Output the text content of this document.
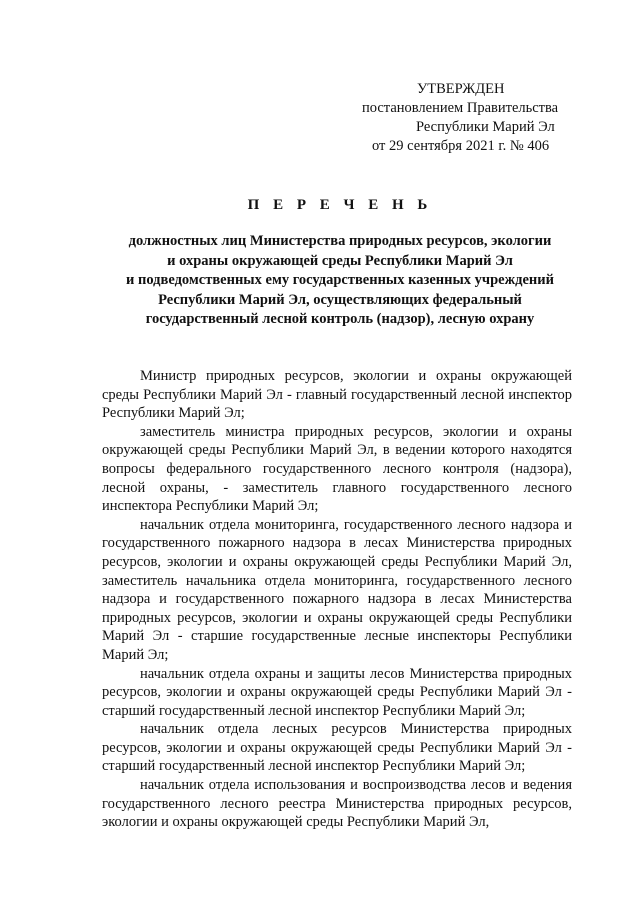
УТВЕРЖДЕН
постановлением Правительства
Республики Марий Эл
от 29 сентября 2021 г. № 406
П Е Р Е Ч Е Н Ь
должностных лиц Министерства природных ресурсов, экологии
и охраны окружающей среды Республики Марий Эл
и подведомственных ему государственных казенных учреждений
Республики Марий Эл, осуществляющих федеральный
государственный лесной контроль (надзор), лесную охрану

Министр природных ресурсов, экологии и охраны окружающей среды Республики Марий Эл - главный государственный лесной инспектор Республики Марий Эл;

заместитель министра природных ресурсов, экологии и охраны окружающей среды Республики Марий Эл, в ведении которого находятся вопросы федерального государственного лесного контроля (надзора), лесной охраны, - заместитель главного государственного лесного инспектора Республики Марий Эл;

начальник отдела мониторинга, государственного лесного надзора и государственного пожарного надзора в лесах Министерства природных ресурсов, экологии и охраны окружающей среды Республики Марий Эл, заместитель начальника отдела мониторинга, государственного лесного надзора и государственного пожарного надзора в лесах Министерства природных ресурсов, экологии и охраны окружающей среды Республики Марий Эл - старшие государственные лесные инспекторы Республики Марий Эл;

начальник отдела охраны и защиты лесов Министерства природных ресурсов, экологии и охраны окружающей среды Республики Марий Эл - старший государственный лесной инспектор Республики Марий Эл;

начальник отдела лесных ресурсов Министерства природных ресурсов, экологии и охраны окружающей среды Республики Марий Эл - старший государственный лесной инспектор Республики Марий Эл;

начальник отдела использования и воспроизводства лесов и ведения государственного лесного реестра Министерства природных ресурсов, экологии и охраны окружающей среды Республики Марий Эл,
